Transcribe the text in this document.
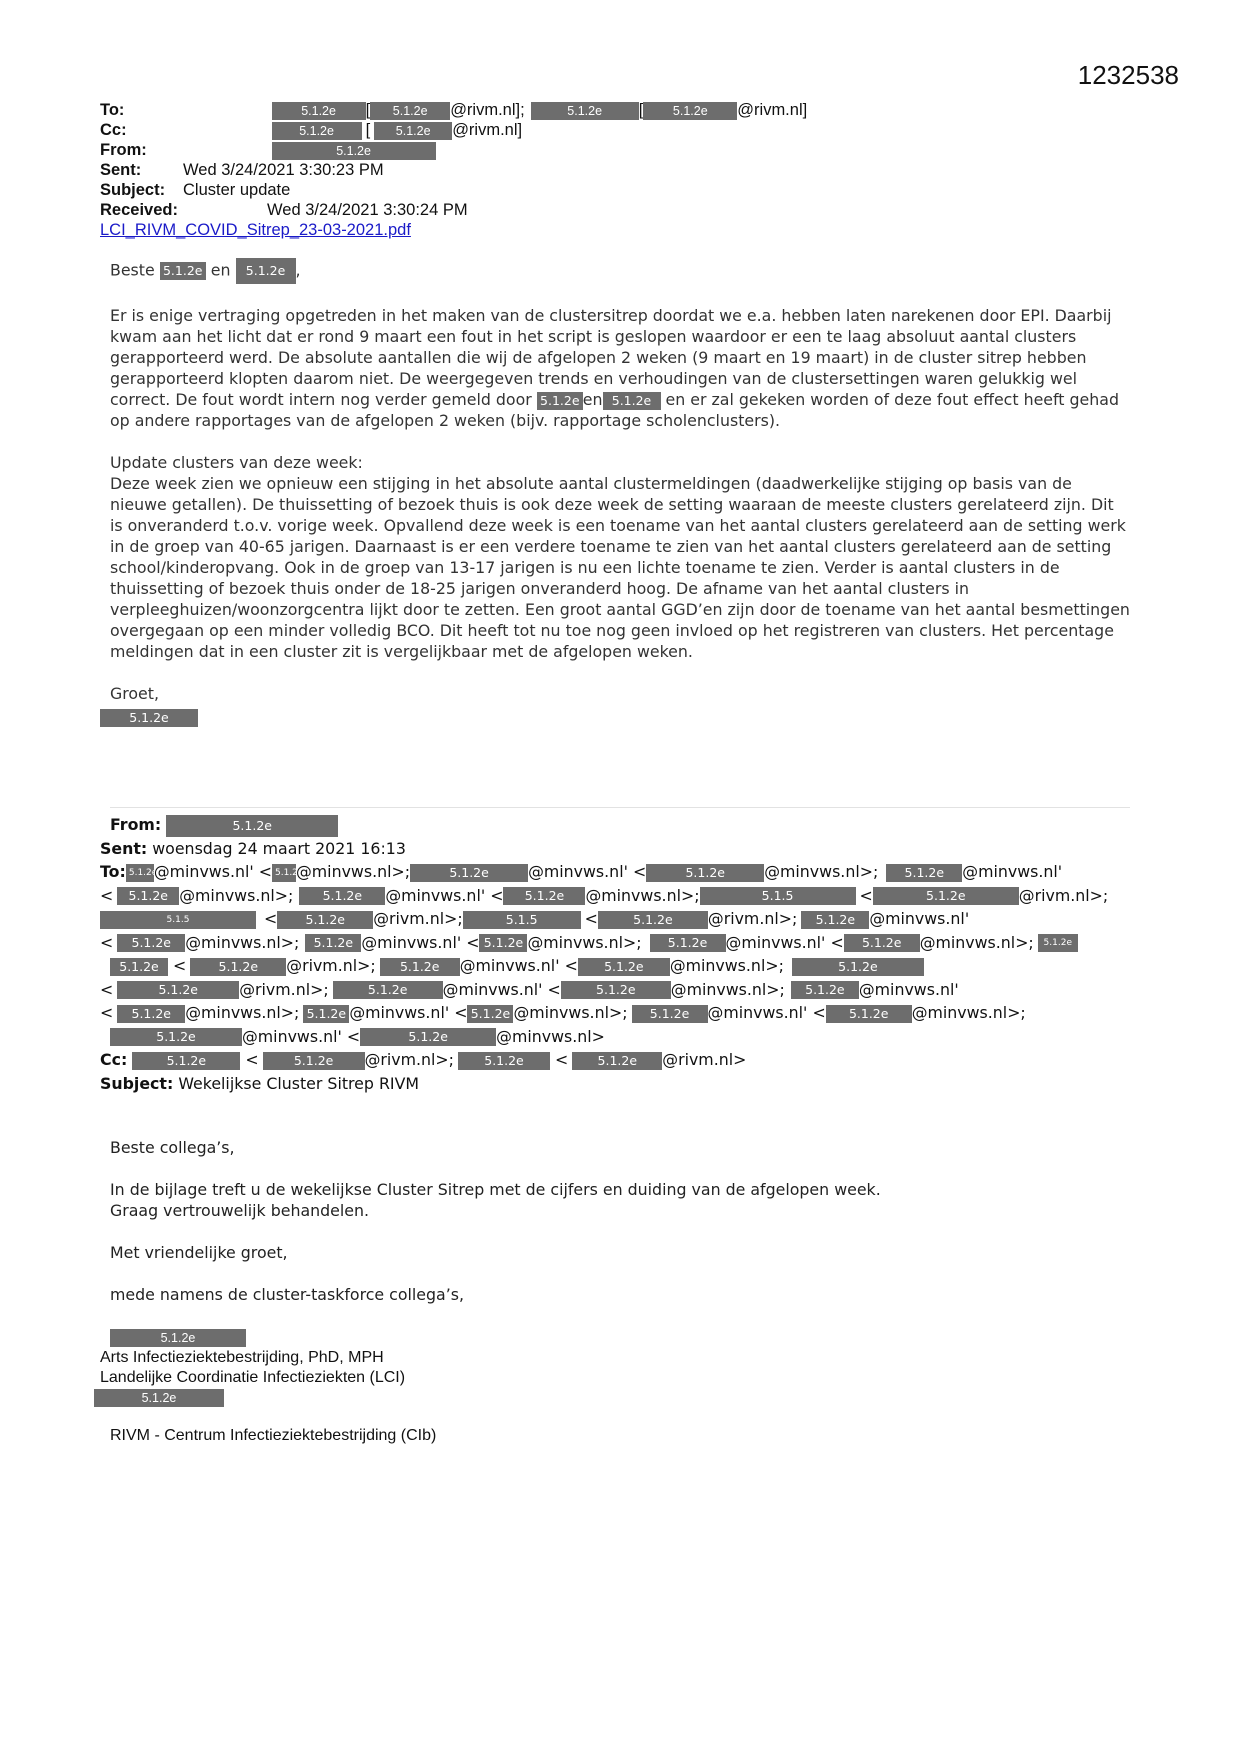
1232538
To:	5.1.2e [ 5.1.2e @rivm.nl];	5.1.2e [ 5.1.2e @rivm.nl]
Cc:	5.1.2e [ 5.1.2e @rivm.nl]
From:	5.1.2e
Sent:	Wed 3/24/2021 3:30:23 PM
Subject: Cluster update
Received:	Wed 3/24/2021 3:30:24 PM
LCI_RIVM_COVID_Sitrep_23-03-2021.pdf

Beste 5.1.2e en 5.1.2e ,

Er is enige vertraging opgetreden in het maken van de clustersitrep doordat we e.a. hebben laten narekenen door EPI. Daarbij kwam aan het licht dat er rond 9 maart een fout in het script is geslopen waardoor er een te laag absoluut aantal clusters gerapporteerd werd. De absolute aantallen die wij de afgelopen 2 weken (9 maart en 19 maart) in de cluster sitrep hebben gerapporteerd klopten daarom niet. De weergegeven trends en verhoudingen van de clustersettingen waren gelukkig wel correct. De fout wordt intern nog verder gemeld door 5.1.2e en 5.1.2e en er zal gekeken worden of deze fout effect heeft gehad op andere rapportages van de afgelopen 2 weken (bijv. rapportage scholenclusters).

Update clusters van deze week:
Deze week zien we opnieuw een stijging in het absolute aantal clustermeldingen (daadwerkelijke stijging op basis van de nieuwe getallen). De thuissetting of bezoek thuis is ook deze week de setting waaraan de meeste clusters gerelateerd zijn. Dit is onveranderd t.o.v. vorige week. Opvallend deze week is een toename van het aantal clusters gerelateerd aan de setting werk in de groep van 40-65 jarigen. Daarnaast is er een verdere toename te zien van het aantal clusters gerelateerd aan de setting school/kinderopvang. Ook in de groep van 13-17 jarigen is nu een lichte toename te zien. Verder is aantal clusters in de thuissetting of bezoek thuis onder de 18-25 jarigen onveranderd hoog. De afname van het aantal clusters in verpleeghuizen/woonzorgcentra lijkt door te zetten. Een groot aantal GGD’en zijn door de toename van het aantal besmettingen overgegaan op een minder volledig BCO. Dit heeft tot nu toe nog geen invloed op het registreren van clusters. Het percentage meldingen dat in een cluster zit is vergelijkbaar met de afgelopen weken.

Groet,

5.1.2e
From:	5.1.2e
Sent: woensdag 24 maart 2021 16:13
To: 5.1.2e@minvws.nl' < 5.1.2e@minvws.nl>;	5.1.2e @minvws.nl' <	5.1.2e @minvws.nl>; 5.1.2e @minvws.nl'
< 5.1.2e @minvws.nl>; 5.1.2e @minvws.nl' < 5.1.2e @minvws.nl>;	5.1.5	<	5.1.2e	@rivm.nl>;
5.1.5	< 5.1.2e @rivm.nl>;	5.1.5	<	5.1.2e @rivm.nl>; 5.1.2e @minvws.nl'
< 5.1.2e @minvws.nl>; 5.1.2e @minvws.nl' < 5.1.2e @minvws.nl>; 5.1.2e @minvws.nl' < 5.1.2e @minvws.nl>; 5.1.2e
5.1.2e <	5.1.2e @rivm.nl>; 5.1.2e @minvws.nl' < 5.1.2e @minvws.nl>;	5.1.2e
<	5.1.2e	@rivm.nl>;	5.1.2e @minvws.nl' <	5.1.2e @minvws.nl>; 5.1.2e @minvws.nl'
< 5.1.2e @minvws.nl>; 5.1.2e @minvws.nl' < 5.1.2e @minvws.nl>; 5.1.2e @minvws.nl' < 5.1.2e @minvws.nl>;
5.1.2e	@minvws.nl' <	5.1.2e	@minvws.nl>
Cc:	5.1.2e <	5.1.2e @rivm.nl>; 5.1.2e < 5.1.2e @rivm.nl>
Subject: Wekelijkse Cluster Sitrep RIVM

Beste collega’s,

In de bijlage treft u de wekelijkse Cluster Sitrep met de cijfers en duiding van de afgelopen week.
Graag vertrouwelijk behandelen.

Met vriendelijke groet,

mede namens de cluster-taskforce collega’s,

5.1.2e
Arts Infectieziektebestrijding, PhD, MPH
Landelijke Coordinatie Infectieziekten (LCI)
5.1.2e
RIVM - Centrum Infectieziektebestrijding (CIb)
